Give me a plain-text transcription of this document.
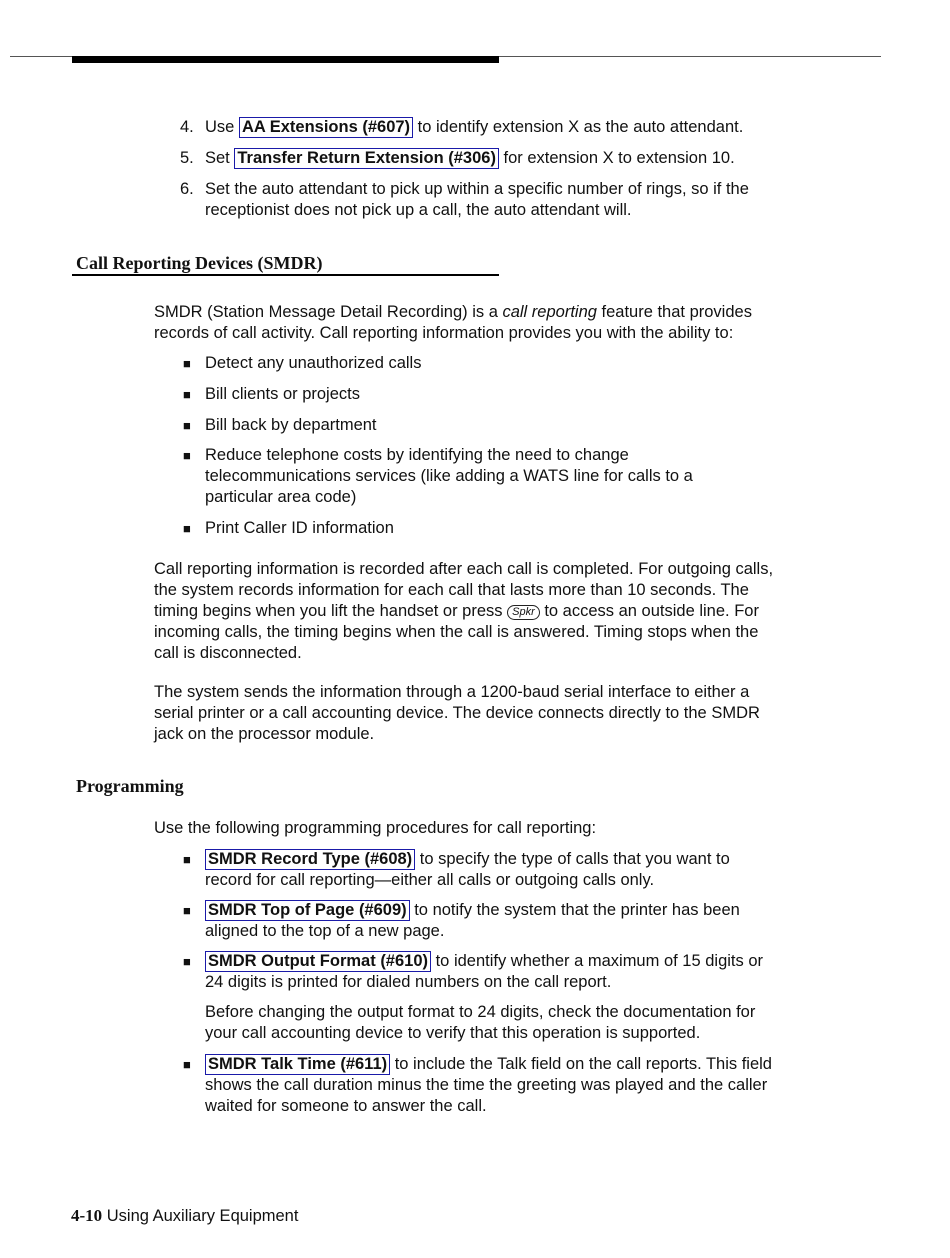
4. Use AA Extensions (#607) to identify extension X as the auto attendant.
5. Set Transfer Return Extension (#306) for extension X to extension 10.
6. Set the auto attendant to pick up within a specific number of rings, so if the receptionist does not pick up a call, the auto attendant will.
Call Reporting Devices (SMDR)
SMDR (Station Message Detail Recording) is a call reporting feature that provides records of call activity. Call reporting information provides you with the ability to:
■ Detect any unauthorized calls
■ Bill clients or projects
■ Bill back by department
■ Reduce telephone costs by identifying the need to change telecommunications services (like adding a WATS line for calls to a particular area code)
■ Print Caller ID information
Call reporting information is recorded after each call is completed. For outgoing calls, the system records information for each call that lasts more than 10 seconds. The timing begins when you lift the handset or press Spkr to access an outside line. For incoming calls, the timing begins when the call is answered. Timing stops when the call is disconnected.
The system sends the information through a 1200-baud serial interface to either a serial printer or a call accounting device. The device connects directly to the SMDR jack on the processor module.
Programming
Use the following programming procedures for call reporting:
■ SMDR Record Type (#608) to specify the type of calls that you want to record for call reporting—either all calls or outgoing calls only.
■ SMDR Top of Page (#609) to notify the system that the printer has been aligned to the top of a new page.
■ SMDR Output Format (#610) to identify whether a maximum of 15 digits or 24 digits is printed for dialed numbers on the call report.
Before changing the output format to 24 digits, check the documentation for your call accounting device to verify that this operation is supported.
■ SMDR Talk Time (#611) to include the Talk field on the call reports. This field shows the call duration minus the time the greeting was played and the caller waited for someone to answer the call.
4-10 Using Auxiliary Equipment
